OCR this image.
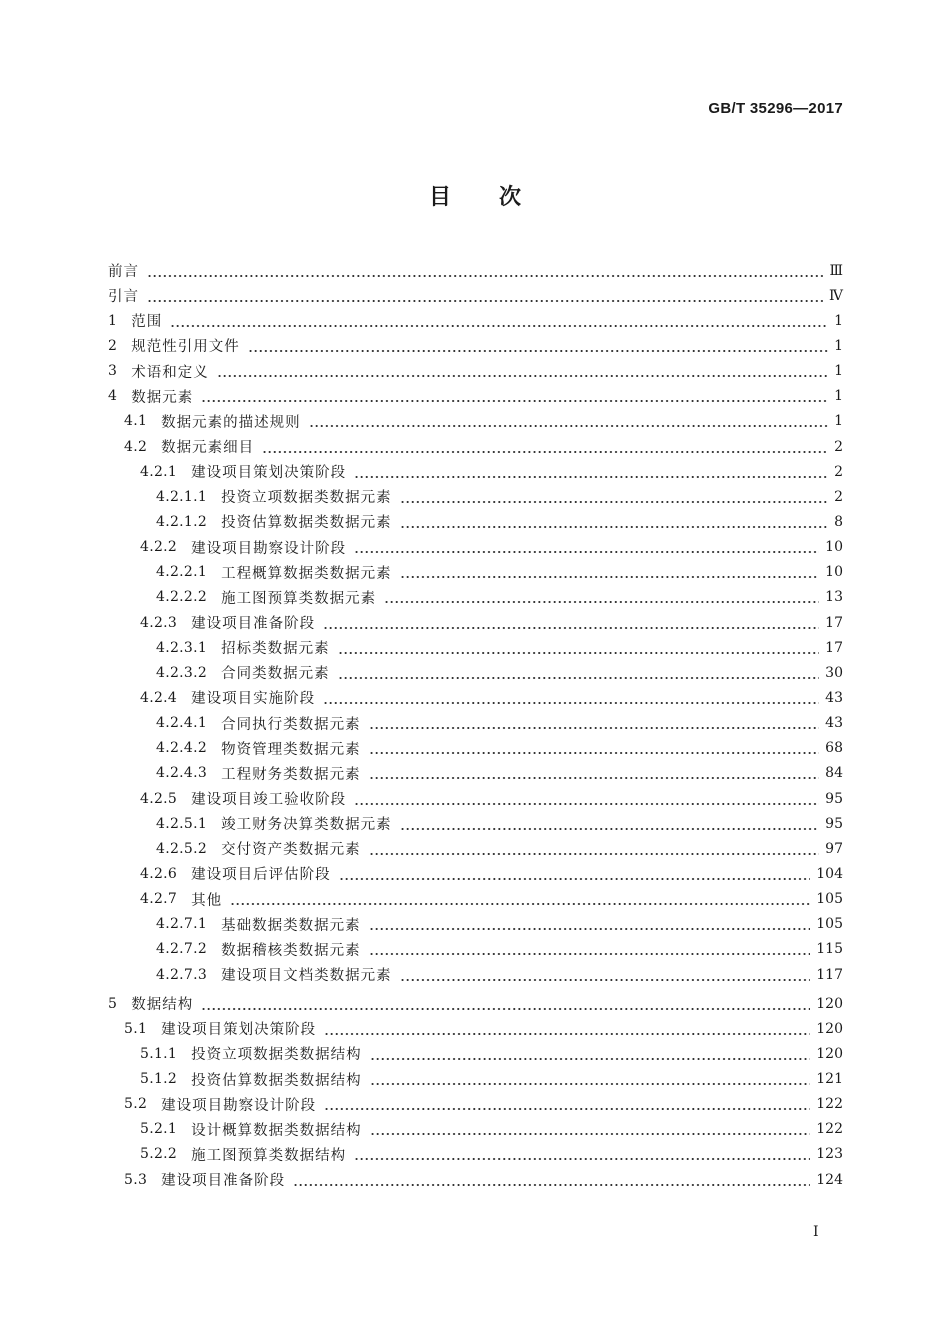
GB/T 35296—2017
目 次
前言	Ⅲ
引言	Ⅳ
1 范围	1
2 规范性引用文件	1
3 术语和定义	1
4 数据元素	1
4.1 数据元素的描述规则	1
4.2 数据元素细目	2
4.2.1 建设项目策划决策阶段	2
4.2.1.1 投资立项数据类数据元素	2
4.2.1.2 投资估算数据类数据元素	8
4.2.2 建设项目勘察设计阶段	10
4.2.2.1 工程概算数据类数据元素	10
4.2.2.2 施工图预算类数据元素	13
4.2.3 建设项目准备阶段	17
4.2.3.1 招标类数据元素	17
4.2.3.2 合同类数据元素	30
4.2.4 建设项目实施阶段	43
4.2.4.1 合同执行类数据元素	43
4.2.4.2 物资管理类数据元素	68
4.2.4.3 工程财务类数据元素	84
4.2.5 建设项目竣工验收阶段	95
4.2.5.1 竣工财务决算类数据元素	95
4.2.5.2 交付资产类数据元素	97
4.2.6 建设项目后评估阶段	104
4.2.7 其他	105
4.2.7.1 基础数据类数据元素	105
4.2.7.2 数据稽核类数据元素	115
4.2.7.3 建设项目文档类数据元素	117
5 数据结构	120
5.1 建设项目策划决策阶段	120
5.1.1 投资立项数据类数据结构	120
5.1.2 投资估算数据类数据结构	121
5.2 建设项目勘察设计阶段	122
5.2.1 设计概算数据类数据结构	122
5.2.2 施工图预算类数据结构	123
5.3 建设项目准备阶段	124
I
